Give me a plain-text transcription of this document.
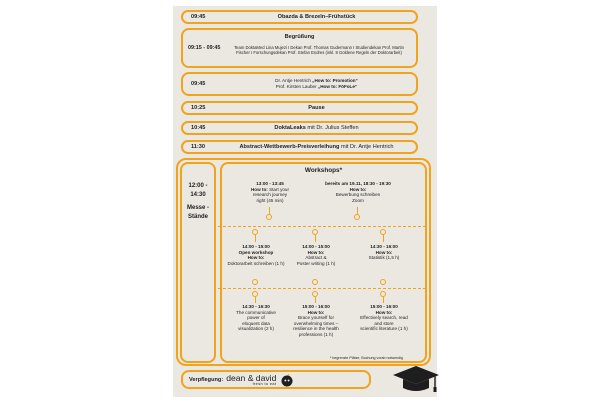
09:45	Obazda & Brezeln–Frühstück
Begrüßung
09:15 - 09:45	Team DoktaMed Lina Mujezi I Dekan Prof. Thomas Gudermann I Studiendekan Prof. Martin
Fischer I Forschungsdekan Prof. Stefan Endres (inkl. 8 Goldene Regeln der Doktorarbeit)
09:45
Dr. Antje Hentrich „How to: Promotion“
Prof. Kirsten Lauber „How to: FöFoLe“
10:25	Pause
10:45	DoktaLeaks mit Dr. Julius Steffen
11:30	Abstract-Wettbewerb-Preisverleihung mit Dr. Antje Hentrich
12:00 -
14:30
Messe -
Stände
Workshops*
13:00 - 13:45
How to: Start your
research journey
right (45 min)
bereits am 19.11, 18:30 - 19:30
How to:
Bewerbung schreiben
Zoom
14:00 - 15:00
Open workshop
How to:
Doktorarbeit schreiben (1 h)
14:00 - 15:00
How to:
Abstract &
Poster writing (1 h)
14:30 - 16:00
How to:
Statistik (1,5 h)
14:30 - 16:30
The communicative
power of
eloquent data
visualization (2 h)
15:00 - 16:00
How to:
Brace yourself for
overwhelming times –
resilience in the health
professions (1 h)
15:00 - 16:00
How to:
Effectively search, read
and store
scientific literature (1 h)
* begrenzte Plätze, Buchung vorab notwendig
Verpflegung: dean & david
fresh to eat
